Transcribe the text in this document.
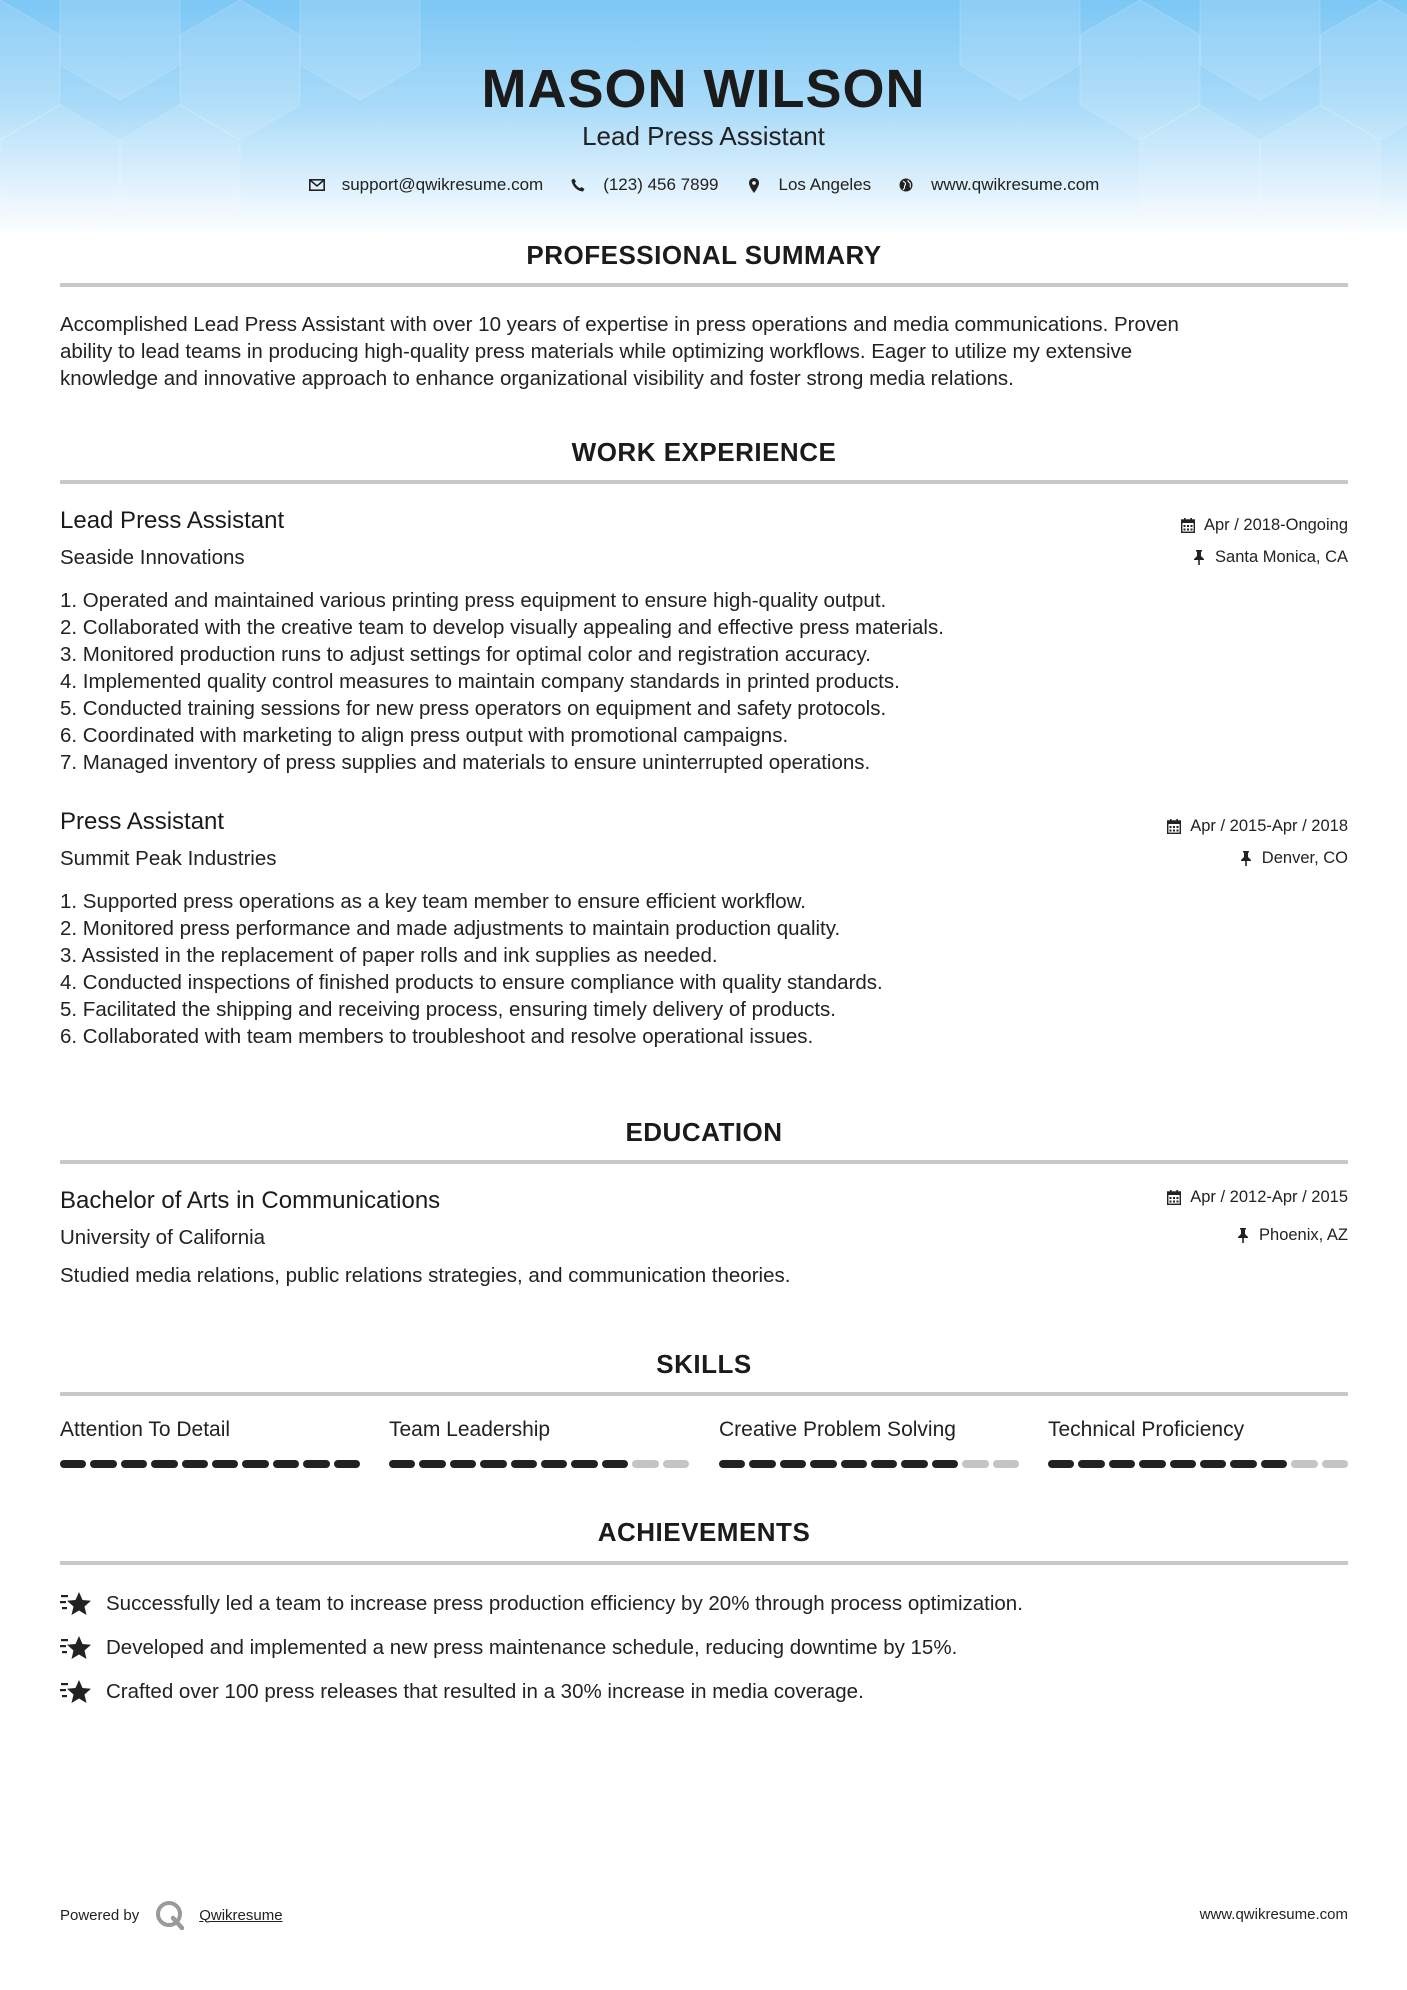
MASON WILSON
Lead Press Assistant
support@qwikresume.com	(123) 456 7899	Los Angeles	www.qwikresume.com
PROFESSIONAL SUMMARY
Accomplished Lead Press Assistant with over 10 years of expertise in press operations and media communications. Proven
ability to lead teams in producing high-quality press materials while optimizing workflows. Eager to utilize my extensive
knowledge and innovative approach to enhance organizational visibility and foster strong media relations.
WORK EXPERIENCE
Lead Press Assistant
Seaside Innovations
Apr / 2018-Ongoing
Santa Monica, CA
1. Operated and maintained various printing press equipment to ensure high-quality output.
2. Collaborated with the creative team to develop visually appealing and effective press materials.
3. Monitored production runs to adjust settings for optimal color and registration accuracy.
4. Implemented quality control measures to maintain company standards in printed products.
5. Conducted training sessions for new press operators on equipment and safety protocols.
6. Coordinated with marketing to align press output with promotional campaigns.
7. Managed inventory of press supplies and materials to ensure uninterrupted operations.
Press Assistant
Summit Peak Industries
Apr / 2015-Apr / 2018
Denver, CO
1. Supported press operations as a key team member to ensure efficient workflow.
2. Monitored press performance and made adjustments to maintain production quality.
3. Assisted in the replacement of paper rolls and ink supplies as needed.
4. Conducted inspections of finished products to ensure compliance with quality standards.
5. Facilitated the shipping and receiving process, ensuring timely delivery of products.
6. Collaborated with team members to troubleshoot and resolve operational issues.
EDUCATION
Bachelor of Arts in Communications
University of California
Apr / 2012-Apr / 2015
Phoenix, AZ
Studied media relations, public relations strategies, and communication theories.
SKILLS
Attention To Detail	Team Leadership	Creative Problem Solving	Technical Proficiency
ACHIEVEMENTS
Successfully led a team to increase press production efficiency by 20% through process optimization.
Developed and implemented a new press maintenance schedule, reducing downtime by 15%.
Crafted over 100 press releases that resulted in a 30% increase in media coverage.
Powered by	Qwikresume	www.qwikresume.com
